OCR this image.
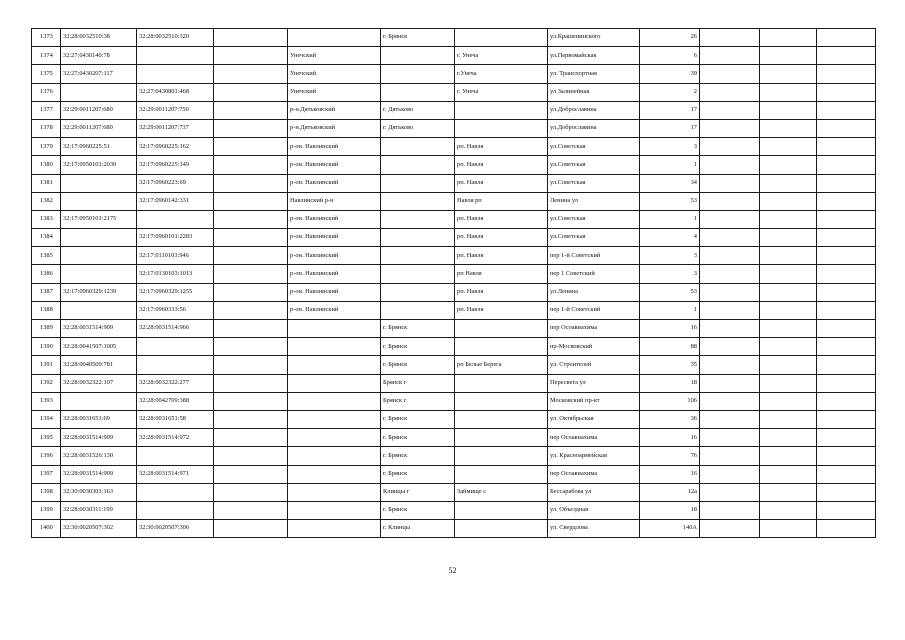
1373	32:28:0032510:38	32:28:0032510:320			г. Брянск		ул.Крашенинского	26			
1374	32:27:0430140:78			Унечский		г. Унеча	ул.Первомайская	6			
1375	32:27:0430207:117			Унечский		г.Унеча	ул. Транспортная	39			
1376		32:27:0430801:468		Унечский		г. Унеча	ул Залинейная	2			
1377	32:29:0011207:680	32:29:0011207:750		р-н.Дятьковский	г. Дятьково		ул.Доброславина	17			
1378	32:29:0011207:680	32:29:0011207:737		р-н.Дятьковский	г. Дятьково		ул.Доброславина	17			
1379	32:17:0960225:51	32:17:0960225:162		р-он. Навлинский		рп. Навля	ул.Советская	3			
1380	32:17:0950101:2030	32:17:0960225:149		р-он. Навлинский		рп. Навля	ул.Советская	1			
1381		32:17:0960223:69		р-он. Навлинский		рп. Навля	ул.Советская	34			
1382		32:17:0960142:331		Навлинский р-н		Навля рп	Ленина ул	53			
1383	32:17:0950101:2175			р-он. Навлинский		рп. Навля	ул.Советская	1			
1384		32:17:0960101:2283		р-он. Навлинский		рп. Навля	ул.Советская	4			
1385		32:17:0110103:946		р-он. Навлинский		рп. Навля	пер 1-й Советский	3			
1386		32:17:0130103:1013		р-он. Навлинский		рп Навля	пер 1 Советский	3			
1387	32:17:0960329:1239	32:17:0960329:1255		р-он. Навлинский		рп. Навля	ул.Ленина	53			
1388		32:17:0960333:56		р-он. Навлинский		рп. Навля	пер 1-й Советский	1			
1389	32:28:0031514:909	32:28:0031514:966			г. Брянск		пер Осоавиахима	16			
1390	32:28:0041507:1005				г. Брянск		пр-Московский	88			
1391	32:28:0040509:781				г. Брянск	рп Белые Берега	ул. Строителей	35			
1392	32:28:0032322:107	32:28:0032322:277			Брянск г		Пересвета ул	18			
1393		32:28:0042709:388			Брянск г		Московский пр-кт	106			
1394	32:28:0031651:69	32:28:0031651:58			г. Брянск		ул. Октябрьская	36			
1395	32:28:0031514:909	32:28:0031514:972			г. Брянск		пер Осоавиахима	16			
1396	32:28:0031526:130				г. Брянск		ул. Красноармейская	76			
1397	32:28:0031514:909	32:28:0031514:971			г. Брянск		пер Осоавиахима	16			
1398	32:30:0030301:163				Клинцы г	Займище с	Бессарабова ул	12а			
1399	32:28:0030311:199				г. Брянск		ул. Объездная	18			
1400	32:30:0020507:302	32:30:0020507:306			г. Клинцы		ул. Свердлова	140А			
52
